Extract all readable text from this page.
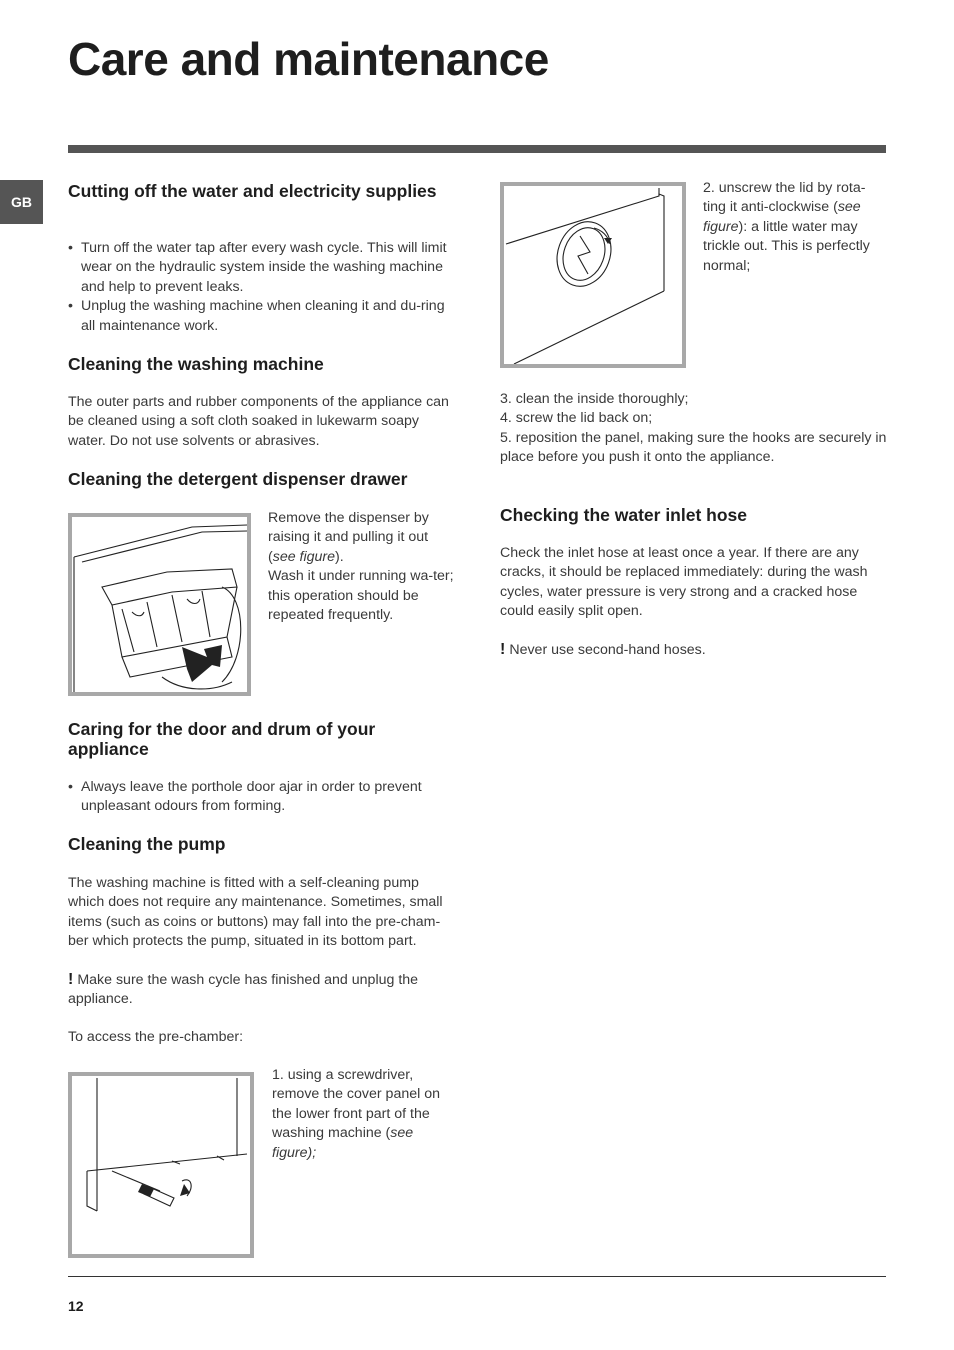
Care and maintenance
GB
Cutting off the water and electricity supplies
• Turn off the water tap after every wash cycle. This will limit wear on the hydraulic system inside the washing machine and help to prevent leaks.
• Unplug the washing machine when cleaning it and du-ring all maintenance work.
Cleaning the washing machine
The outer parts and rubber components of the appliance can be cleaned using a soft cloth soaked in lukewarm soapy water. Do not use solvents or abrasives.
Cleaning the detergent dispenser drawer

Remove the dispenser by raising it and pulling it out (see figure).

Wash it under running wa-ter; this operation should be repeated frequently.

Caring for the door and drum of your appliance
• Always leave the porthole door ajar in order to prevent unpleasant odours from forming.
Cleaning the pump
The washing machine is fitted with a self-cleaning pump which does not require any maintenance. Sometimes, small items (such as coins or buttons) may fall into the pre-cham-ber which protects the pump, situated in its bottom part.
! Make sure the wash cycle has finished and unplug the appliance.
To access the pre-chamber:
1. using a screwdriver, remove the cover panel on the lower front part of the washing machine (see figure);
2. unscrew the lid by rota-ting it anti-clockwise (see figure): a little water may trickle out. This is perfectly normal;

3. clean the inside thoroughly;

4. screw the lid back on;

5. reposition the panel, making sure the hooks are securely in place before you push it onto the appliance.

Checking the water inlet hose
Check the inlet hose at least once a year. If there are any cracks, it should be replaced immediately: during the wash cycles, water pressure is very strong and a cracked hose could easily split open.
! Never use second-hand hoses.
12
